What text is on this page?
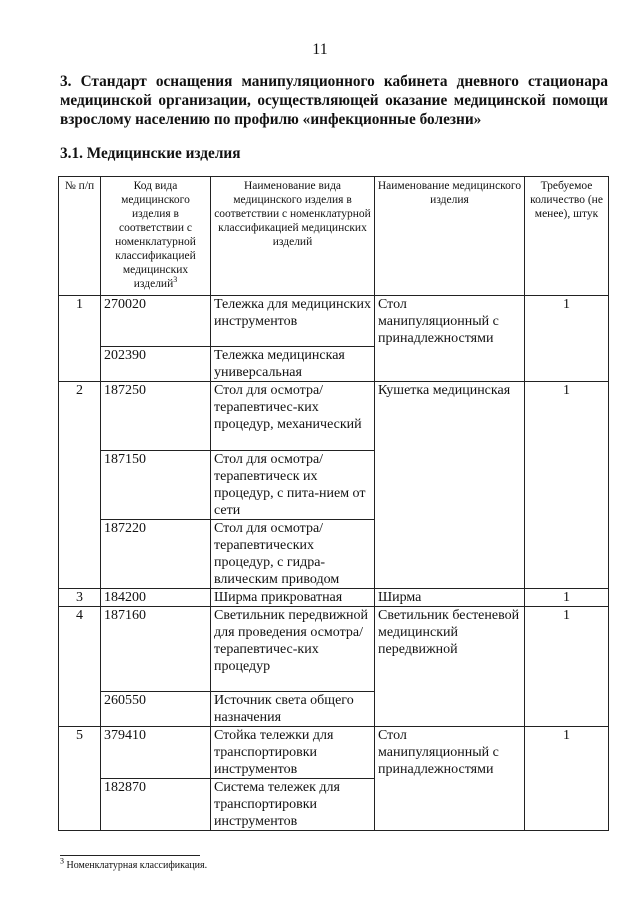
11
3. Стандарт оснащения манипуляционного кабинета дневного стационара медицинской организации, осуществляющей оказание медицинской помощи взрослому населению по профилю «инфекционные болезни»
3.1. Медицинские изделия
№ п/п	Код вида медицинского изделия в соответствии с номенклатурной классификацией медицинских изделий$^3$	Наименование вида медицинского изделия в соответствии с номенклатурной классификацией медицинских изделий	Наименование медицинского изделия	Требуемое количество (не менее), штук
1	270020	Тележка для медицинских инструментов	Стол манипуляционный с принадлежностями	1
	202390	Тележка медицинская универсальная		
2	187250	Стол для осмотра/терапевтичес-ких процедур, механический	Кушетка медицинская	1
	187150	Стол для осмотра/терапевтическ их процедур, с пита-нием от сети		
	187220	Стол для осмотра/ терапевтических процедур, с гидра-влическим приводом		
3	184200	Ширма прикроватная	Ширма	1
4	187160	Светильник передвижной для проведения осмотра/терапевтичес-ких процедур	Светильник бестеневой медицинский передвижной	1
	260550	Источник света общего назначения		
5	379410	Стойка тележки для транспортировки инструментов	Стол манипуляционный с принадлежностями	1
	182870	Система тележек для транспортировки инструментов		
$^3$ Номенклатурная классификация.
